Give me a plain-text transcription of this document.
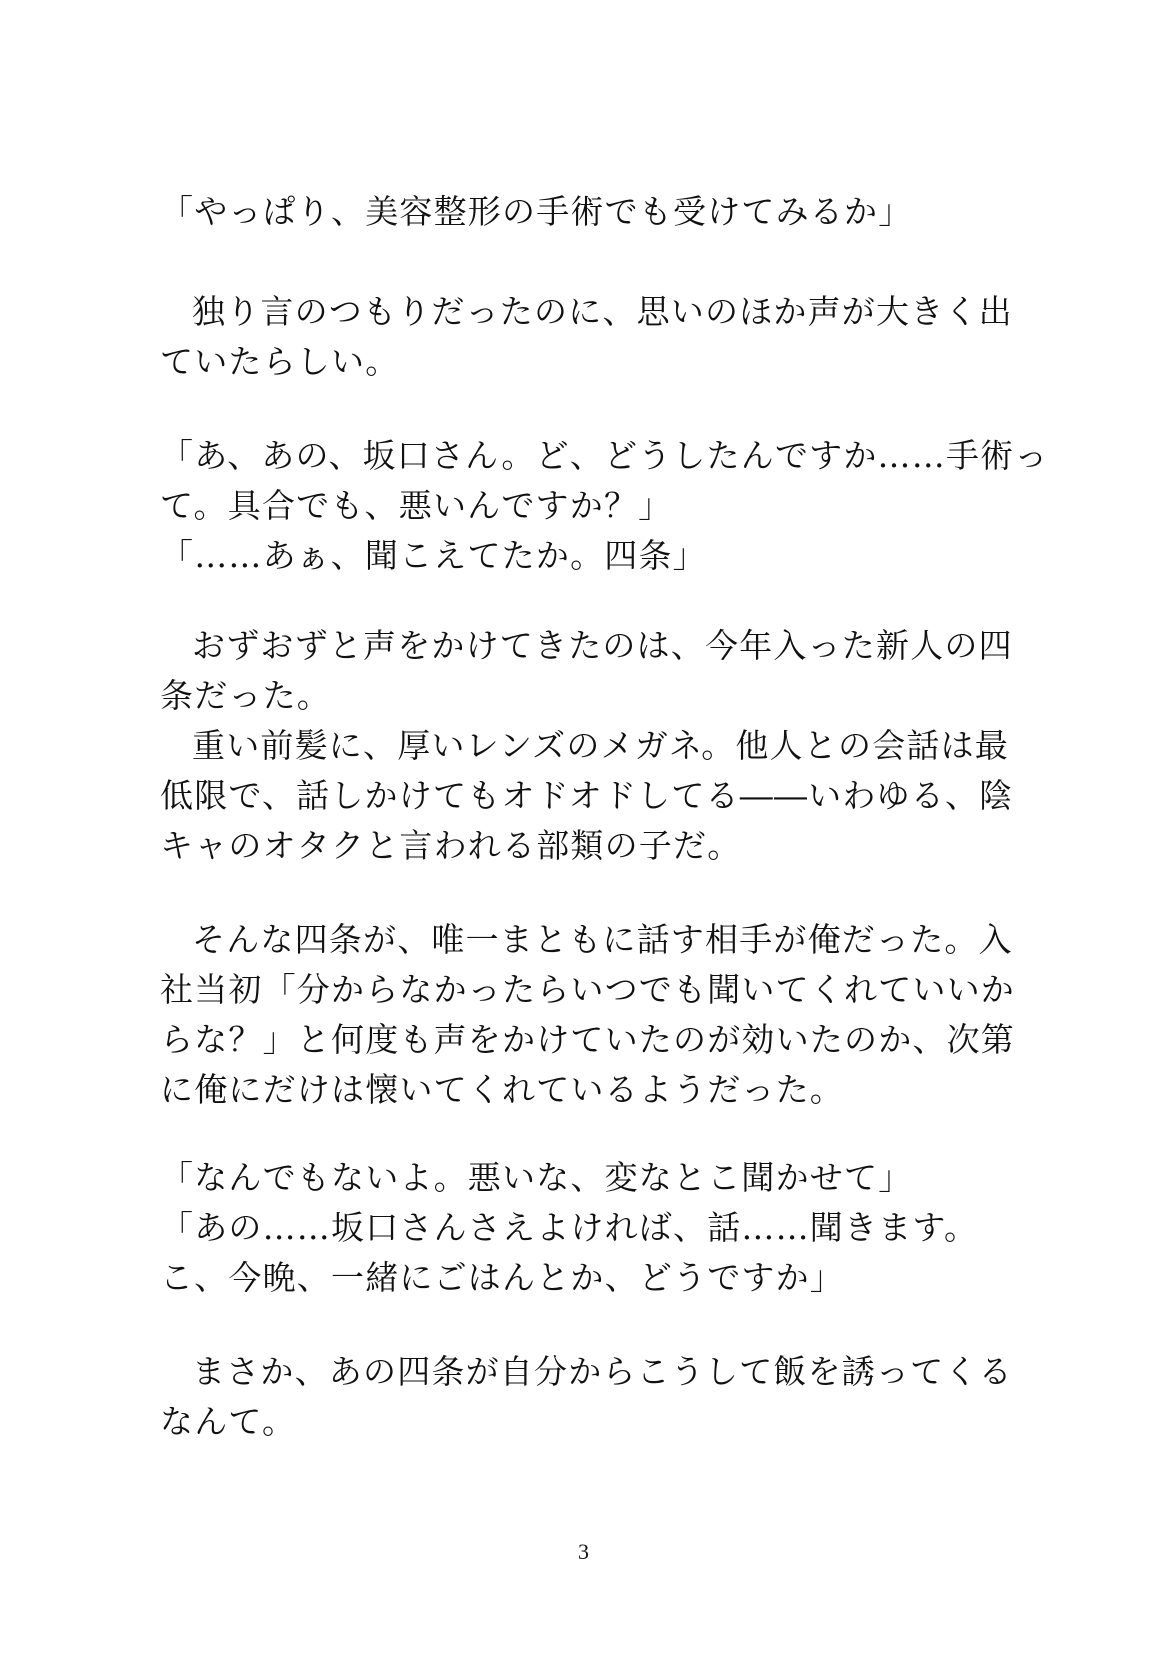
「やっぱり、美容整形の手術でも受けてみるか」
独り言のつもりだったのに、思いのほか声が大きく出
ていたらしい。
「あ、あの、坂口さん。ど、どうしたんですか……手術っ
て。具合でも、悪いんですか？」
「……あぁ、聞こえてたか。四条」
おずおずと声をかけてきたのは、今年入った新人の四
条だった。
重い前髪に、厚いレンズのメガネ。他人との会話は最
低限で、話しかけてもオドオドしてる――いわゆる、陰
キャのオタクと言われる部類の子だ。
そんな四条が、唯一まともに話す相手が俺だった。入
社当初「分からなかったらいつでも聞いてくれていいか
らな？」と何度も声をかけていたのが効いたのか、次第
に俺にだけは懐いてくれているようだった。
「なんでもないよ。悪いな、変なとこ聞かせて」
「あの……坂口さんさえよければ、話……聞きます。
こ、今晩、一緒にごはんとか、どうですか」
まさか、あの四条が自分からこうして飯を誘ってくる
なんて。
3
